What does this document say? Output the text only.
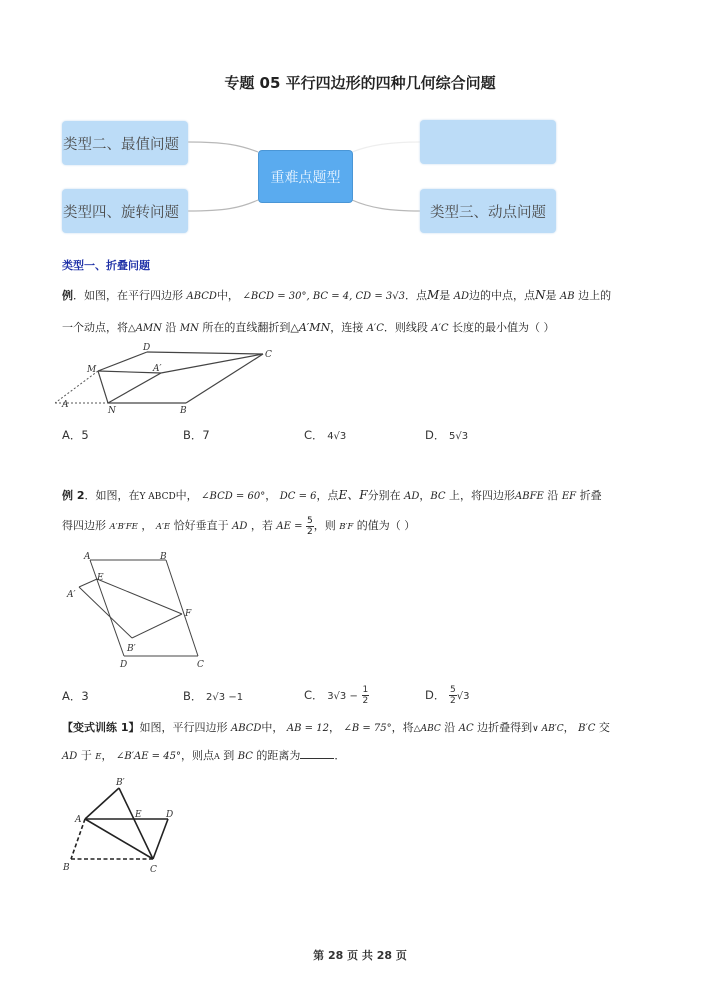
专题 05 平行四边形的四种几何综合问题
类型二、最值问题
类型四、旋转问题
重难点题型
类型三、动点问题
类型一、折叠问题
例．如图，在平行四边形 ABCD中， ∠BCD = 30°, BC = 4, CD = 3√3．点M是 AD边的中点，点N是 AB 边上的
一个动点，将△AMN 沿 MN 所在的直线翻折到△A′MN，连接 A′C．则线段 A′C 长度的最小值为（ ）
D
C
M	A′
A
N	B
A．5	B．7	C． 4√3	D． 5√3
例 2．如图，在Y ABCD中， ∠BCD = 60°， DC = 6，点E、F分别在 AD，BC 上，将四边形ABFE 沿 EF 折叠
得四边形 A′B′FE ， A′E 恰好垂直于 AD ，若 AE = $\frac{5}{2}$ ，则 B′F 的值为（ ）
A	B
E
A′
F
B′
D	C
A．3	B． 2√3 −1	C． $3√3 - \frac{1}{2}$	D． $\frac{5}{2} √3$
【变式训练 1】如图，平行四边形 ABCD中， AB = 12， ∠B = 75°，将△ABC 沿 AC 边折叠得到∨ AB′C， B′C 交
AD 于 E， ∠B′AE = 45°，则点A 到 BC 的距离为	．
B′
A	E	D
B	C
第 28 页 共 28 页
